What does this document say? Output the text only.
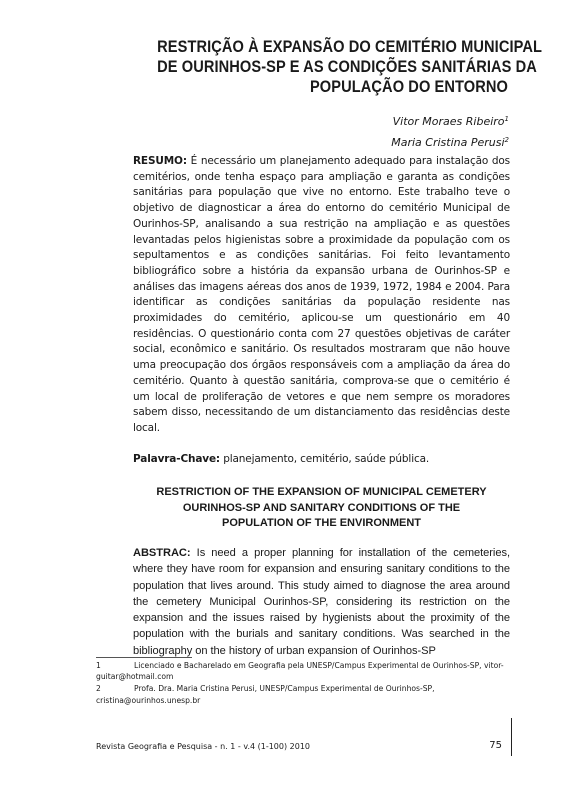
RESTRIÇÃO À EXPANSÃO DO CEMITÉRIO MUNICIPAL
DE OURINHOS-SP E AS CONDIÇÕES SANITÁRIAS DA
POPULAÇÃO DO ENTORNO
Vitor Moraes Ribeiro$^1$
Maria Cristina Perusi$^2$

RESUMO: É necessário um planejamento adequado para instalação dos cemitérios, onde tenha espaço para ampliação e garanta as condições sanitárias para população que vive no entorno. Este trabalho teve o objetivo de diagnosticar a área do entorno do cemitério Municipal de Ourinhos-SP, analisando a sua restrição na ampliação e as questões levantadas pelos higienistas sobre a proximidade da população com os sepultamentos e as condições sanitárias. Foi feito levantamento bibliográfico sobre a história da expansão urbana de Ourinhos-SP e análises das imagens aéreas dos anos de 1939, 1972, 1984 e 2004. Para identificar as condições sanitárias da população residente nas proximidades do cemitério, aplicou-se um questionário em 40 residências. O questionário conta com 27 questões objetivas de caráter social, econômico e sanitário. Os resultados mostraram que não houve uma preocupação dos órgãos responsáveis com a ampliação da área do cemitério. Quanto à questão sanitária, comprova-se que o cemitério é um local de proliferação de vetores e que nem sempre os moradores sabem disso, necessitando de um distanciamento das residências deste local.

Palavra-Chave: planejamento, cemitério, saúde pública.

RESTRICTION OF THE EXPANSION OF MUNICIPAL CEMETERY
OURINHOS-SP AND SANITARY CONDITIONS OF THE
POPULATION OF THE ENVIRONMENT

ABSTRAC: Is need a proper planning for installation of the cemeteries, where they have room for expansion and ensuring sanitary conditions to the population that lives around. This study aimed to diagnose the area around the cemetery Municipal Ourinhos-SP, considering its restriction on the expansion and the issues raised by hygienists about the proximity of the population with the burials and sanitary conditions. Was searched in the bibliography on the history of urban expansion of Ourinhos-SP

1	Licenciado e Bacharelado em Geografia pela UNESP/Campus Experimental de Ourinhos-SP, vitor-guitar@hotmail.com
2	Profa. Dra. Maria Cristina Perusi, UNESP/Campus Experimental de Ourinhos-SP, cristina@ourinhos.unesp.br
Revista Geografia e Pesquisa - n. 1 - v.4 (1-100) 2010	75
